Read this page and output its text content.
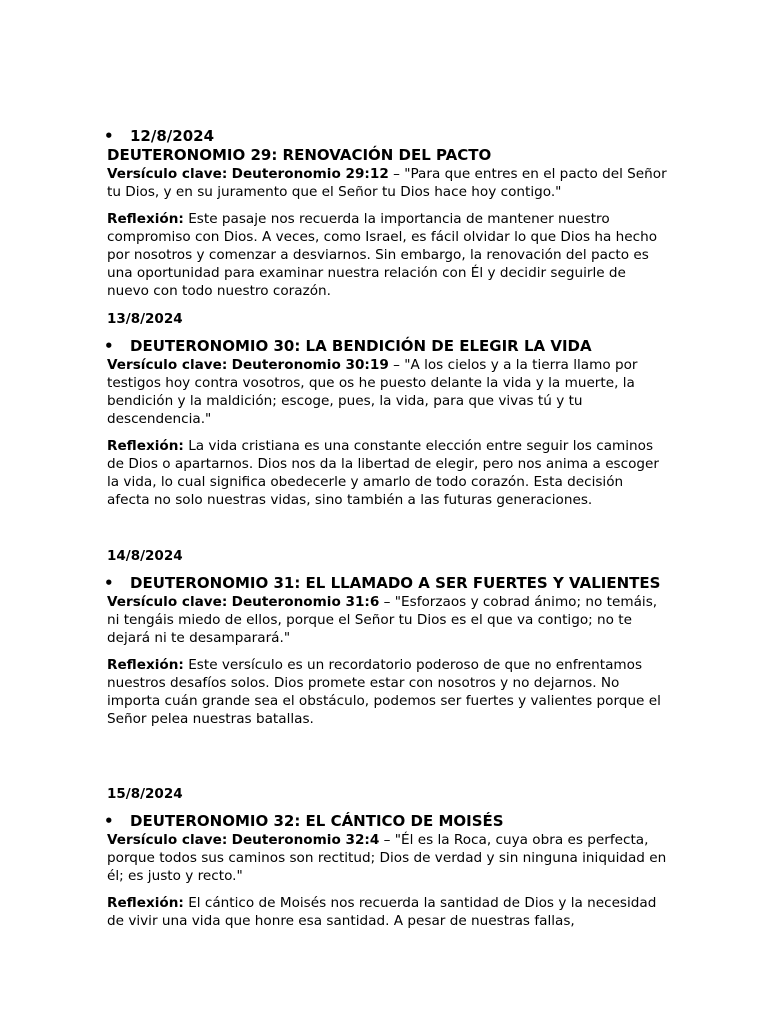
• 12/8/2024
DEUTERONOMIO 29: RENOVACIÓN DEL PACTO

Versículo clave: Deuteronomio 29:12 – "Para que entres en el pacto del Señor tu Dios, y en su juramento que el Señor tu Dios hace hoy contigo."

Reflexión: Este pasaje nos recuerda la importancia de mantener nuestro compromiso con Dios. A veces, como Israel, es fácil olvidar lo que Dios ha hecho por nosotros y comenzar a desviarnos. Sin embargo, la renovación del pacto es una oportunidad para examinar nuestra relación con Él y decidir seguirle de nuevo con todo nuestro corazón.

13/8/2024
• DEUTERONOMIO 30: LA BENDICIÓN DE ELEGIR LA VIDA

Versículo clave: Deuteronomio 30:19 – "A los cielos y a la tierra llamo por testigos hoy contra vosotros, que os he puesto delante la vida y la muerte, la bendición y la maldición; escoge, pues, la vida, para que vivas tú y tu descendencia."

Reflexión: La vida cristiana es una constante elección entre seguir los caminos de Dios o apartarnos. Dios nos da la libertad de elegir, pero nos anima a escoger la vida, lo cual significa obedecerle y amarlo de todo corazón. Esta decisión afecta no solo nuestras vidas, sino también a las futuras generaciones.

14/8/2024
• DEUTERONOMIO 31: EL LLAMADO A SER FUERTES Y VALIENTES

Versículo clave: Deuteronomio 31:6 – "Esforzaos y cobrad ánimo; no temáis, ni tengáis miedo de ellos, porque el Señor tu Dios es el que va contigo; no te dejará ni te desamparará."

Reflexión: Este versículo es un recordatorio poderoso de que no enfrentamos nuestros desafíos solos. Dios promete estar con nosotros y no dejarnos. No importa cuán grande sea el obstáculo, podemos ser fuertes y valientes porque el Señor pelea nuestras batallas.

15/8/2024
• DEUTERONOMIO 32: EL CÁNTICO DE MOISÉS

Versículo clave: Deuteronomio 32:4 – "Él es la Roca, cuya obra es perfecta, porque todos sus caminos son rectitud; Dios de verdad y sin ninguna iniquidad en él; es justo y recto."

Reflexión: El cántico de Moisés nos recuerda la santidad de Dios y la necesidad de vivir una vida que honre esa santidad. A pesar de nuestras fallas,
